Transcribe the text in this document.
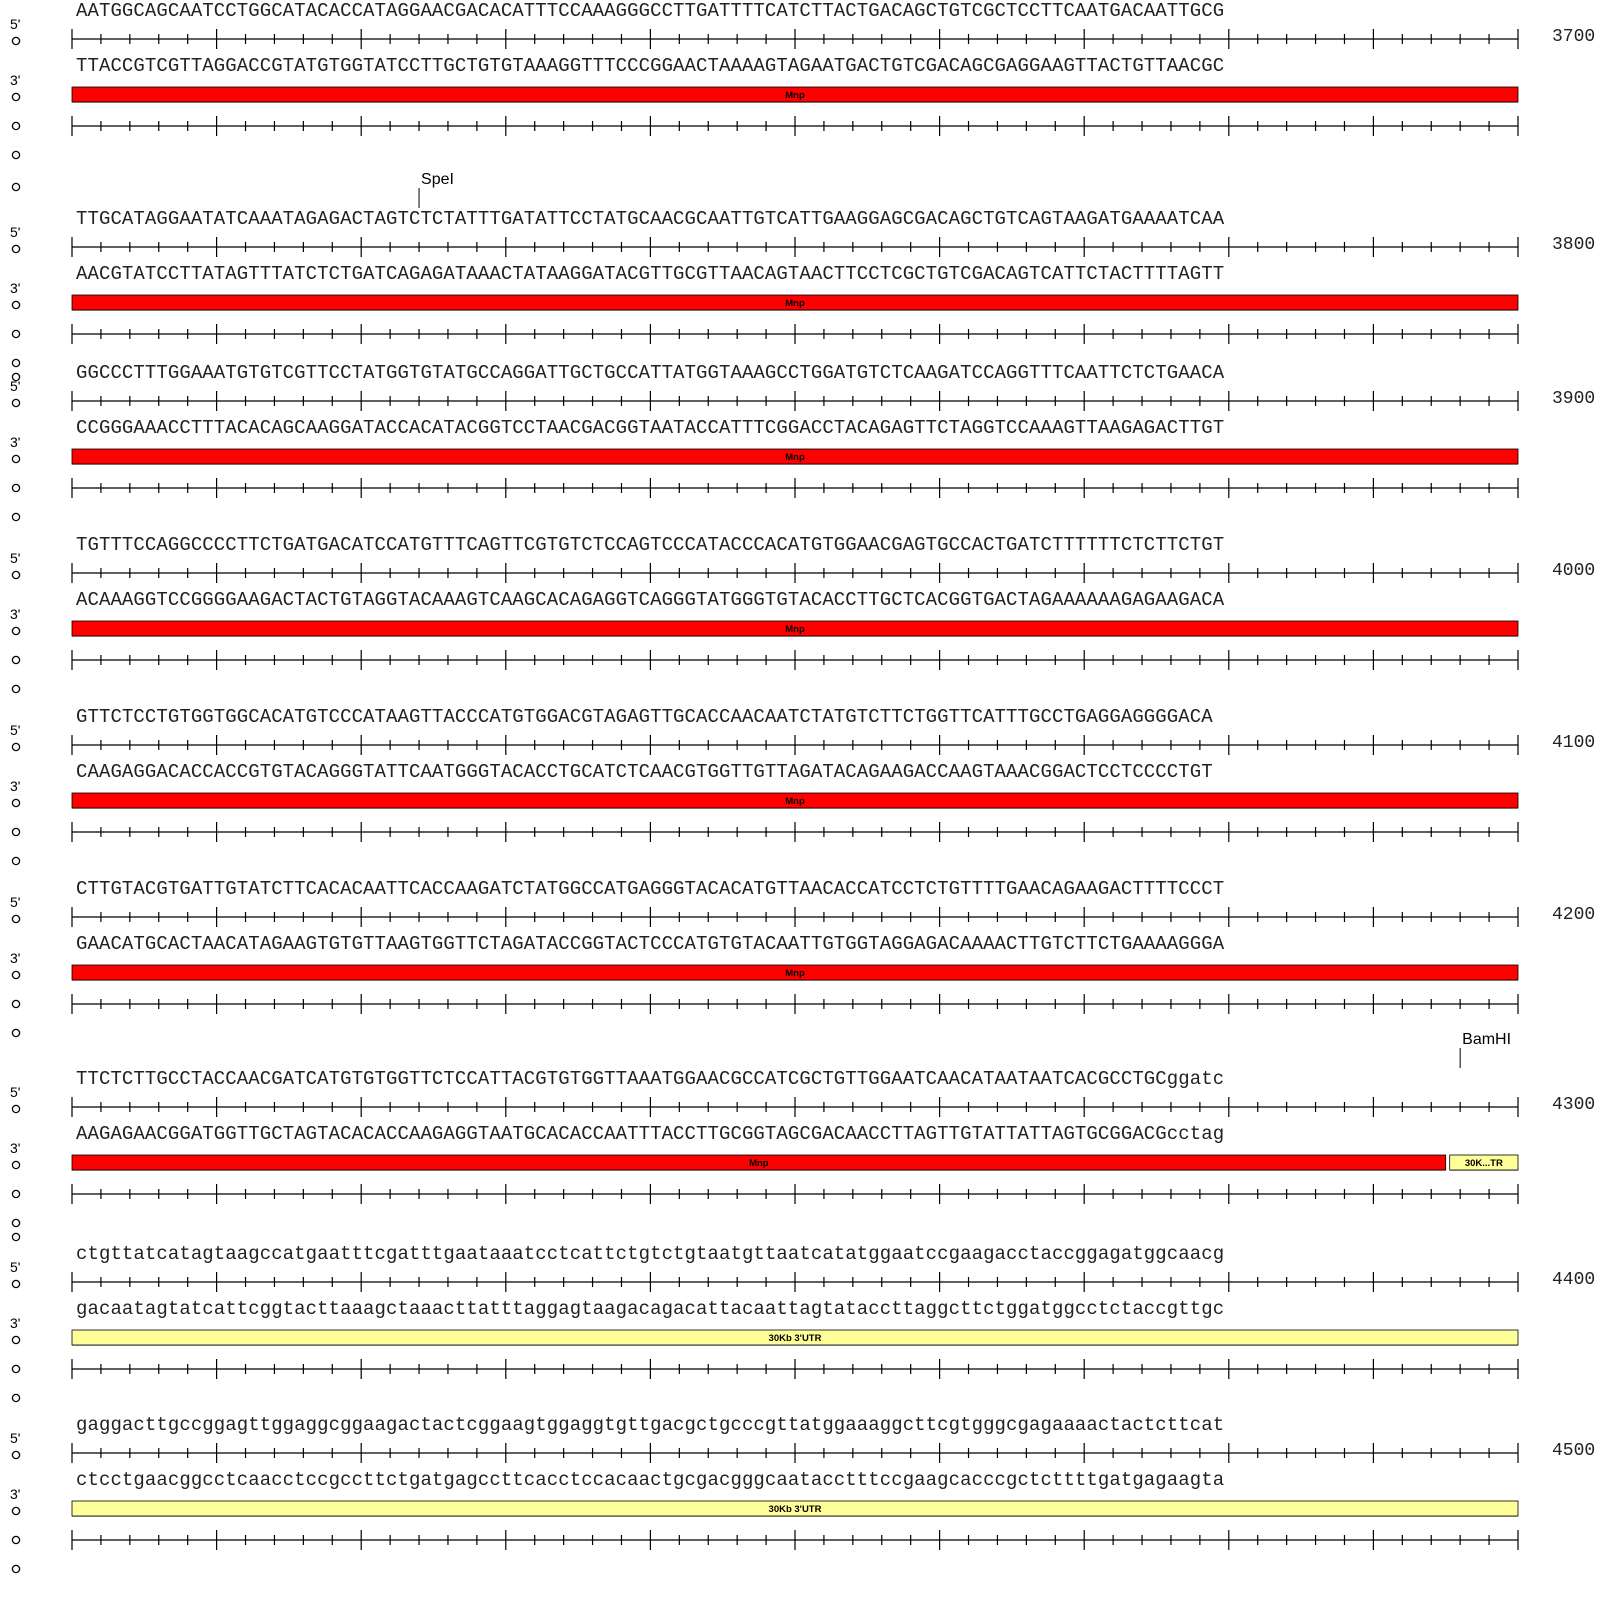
Mnp
Mnp
Mnp
Mnp
Mnp
Mnp
Mnp	30K...TR
30Kb 3'UTR
30Kb 3'UTR
5'
AATGGCAGCAATCCTGGCATACACCATAGGAACGACACATTTCCAAAGGGCCTTGATTTTCATCTTACTGACAGCTGTCGCTCCTTCAATGACAATTGCG
3700
3'
TTACCGTCGTTAGGACCGTATGTGGTATCCTTGCTGTGTAAAGGTTTCCCGGAACTAAAAGTAGAATGACTGTCGACAGCGAGGAAGTTACTGTTAACGC
SpeI
5'
TTGCATAGGAATATCAAATAGAGACTAGTCTCTATTTGATATTCCTATGCAACGCAATTGTCATTGAAGGAGCGACAGCTGTCAGTAAGATGAAAATCAA
3800
3'
AACGTATCCTTATAGTTTATCTCTGATCAGAGATAAACTATAAGGATACGTTGCGTTAACAGTAACTTCCTCGCTGTCGACAGTCATTCTACTTTTAGTT
5'
GGCCCTTTGGAAATGTGTCGTTCCTATGGTGTATGCCAGGATTGCTGCCATTATGGTAAAGCCTGGATGTCTCAAGATCCAGGTTTCAATTCTCTGAACA
3900
3'
CCGGGAAACCTTTACACAGCAAGGATACCACATACGGTCCTAACGACGGTAATACCATTTCGGACCTACAGAGTTCTAGGTCCAAAGTTAAGAGACTTGT
5'
TGTTTCCAGGCCCCTTCTGATGACATCCATGTTTCAGTTCGTGTCTCCAGTCCCATACCCACATGTGGAACGAGTGCCACTGATCTTTTTTCTCTTCTGT
4000
3'
ACAAAGGTCCGGGGAAGACTACTGTAGGTACAAAGTCAAGCACAGAGGTCAGGGTATGGGTGTACACCTTGCTCACGGTGACTAGAAAAAAGAGAAGACA
5'
GTTCTCCTGTGGTGGCACATGTCCCATAAGTTACCCATGTGGACGTAGAGTTGCACCAACAATCTATGTCTTCTGGTTCATTTGCCTGAGGAGGGGACA
4100
3'
CAAGAGGACACCACCGTGTACAGGGTATTCAATGGGTACACCTGCATCTCAACGTGGTTGTTAGATACAGAAGACCAAGTAAACGGACTCCTCCCCTGT
5'
CTTGTACGTGATTGTATCTTCACACAATTCACCAAGATCTATGGCCATGAGGGTACACATGTTAACACCATCCTCTGTTTTGAACAGAAGACTTTTCCCT
4200
3'
GAACATGCACTAACATAGAAGTGTGTTAAGTGGTTCTAGATACCGGTACTCCCATGTGTACAATTGTGGTAGGAGACAAAACTTGTCTTCTGAAAAGGGA
BamHI
5'
TTCTCTTGCCTACCAACGATCATGTGTGGTTCTCCATTACGTGTGGTTAAATGGAACGCCATCGCTGTTGGAATCAACATAATAATCACGCCTGCggatc
4300
3'
AAGAGAACGGATGGTTGCTAGTACACACCAAGAGGTAATGCACACCAATTTACCTTGCGGTAGCGACAACCTTAGTTGTATTATTAGTGCGGACGcctag
5'
ctgttatcatagtaagccatgaatttcgatttgaataaatcctcattctgtctgtaatgttaatcatatggaatccgaagacctaccggagatggcaacg
4400
3'
gacaatagtatcattcggtacttaaagctaaacttatttaggagtaagacagacattacaattagtataccttaggcttctggatggcctctaccgttgc
5'
gaggacttgccggagttggaggcggaagactactcggaagtggaggtgttgacgctgcccgttatggaaaggcttcgtgggcgagaaaactactcttcat
4500
3'
ctcctgaacggcctcaacctccgccttctgatgagccttcacctccacaactgcgacgggcaatacctttccgaagcacccgctcttttgatgagaagta
